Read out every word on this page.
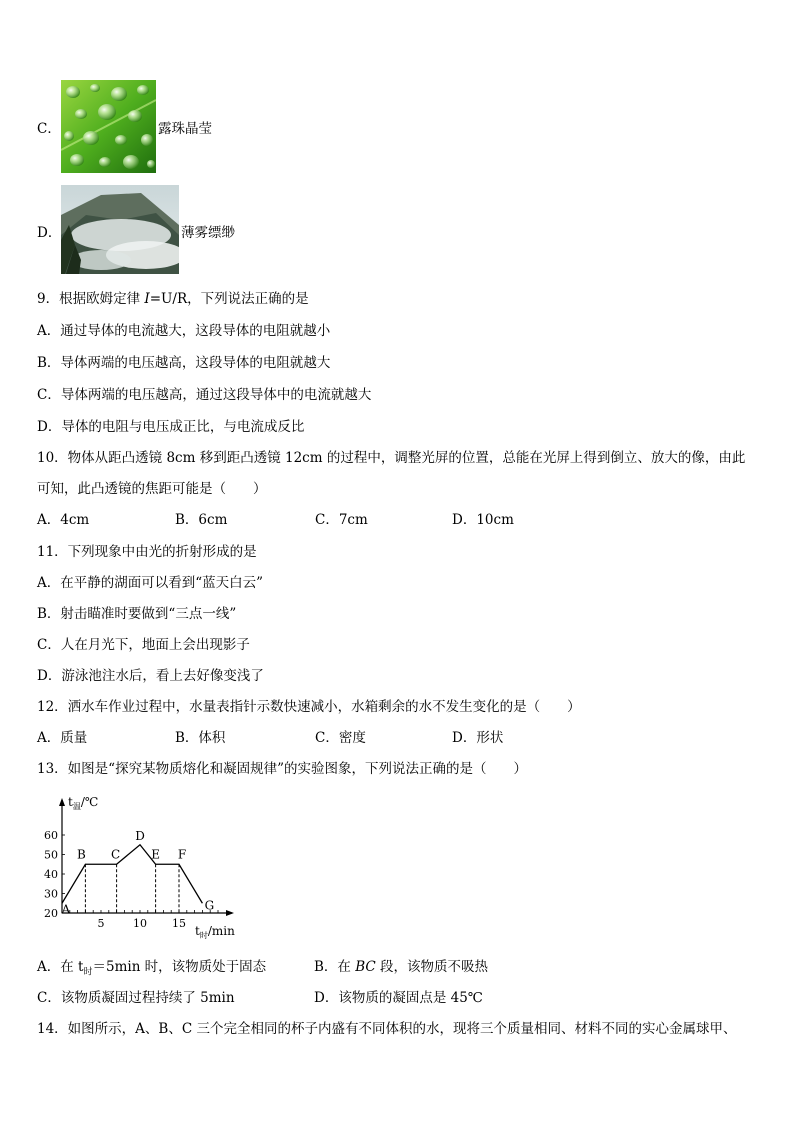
C．	露珠晶莹
D．	薄雾缥缈
9．根据欧姆定律 I=U/R，下列说法正确的是
A．通过导体的电流越大，这段导体的电阻就越小
B．导体两端的电压越高，这段导体的电阻就越大
C．导体两端的电压越高，通过这段导体中的电流就越大
D．导体的电阻与电压成正比，与电流成反比
10．物体从距凸透镜 8cm 移到距凸透镜 12cm 的过程中，调整光屏的位置，总能在光屏上得到倒立、放大的像，由此
可知，此凸透镜的焦距可能是（　　）
A．4cm	B．6cm	C．7cm	D．10cm
11．下列现象中由光的折射形成的是
A．在平静的湖面可以看到“蓝天白云”
B．射击瞄准时要做到“三点一线”
C．人在月光下，地面上会出现影子
D．游泳池注水后，看上去好像变浅了
12．洒水车作业过程中，水量表指针示数快速减小，水箱剩余的水不发生变化的是（　　）
A．质量	B．体积	C．密度	D．形状
13．如图是“探究某物质熔化和凝固规律”的实验图象，下列说法正确的是（　　）
20
30
40
50
60
5	10 15
A
B C
D
E F
G
$t_温/℃$
$t_时/\min$
A．在 $t_时=5\min$ 时，该物质处于固态	B．在 BC 段，该物质不吸热
C．该物质凝固过程持续了 5min	D．该物质的凝固点是 45℃
14．如图所示，A、B、C 三个完全相同的杯子内盛有不同体积的水，现将三个质量相同、材料不同的实心金属球甲、
